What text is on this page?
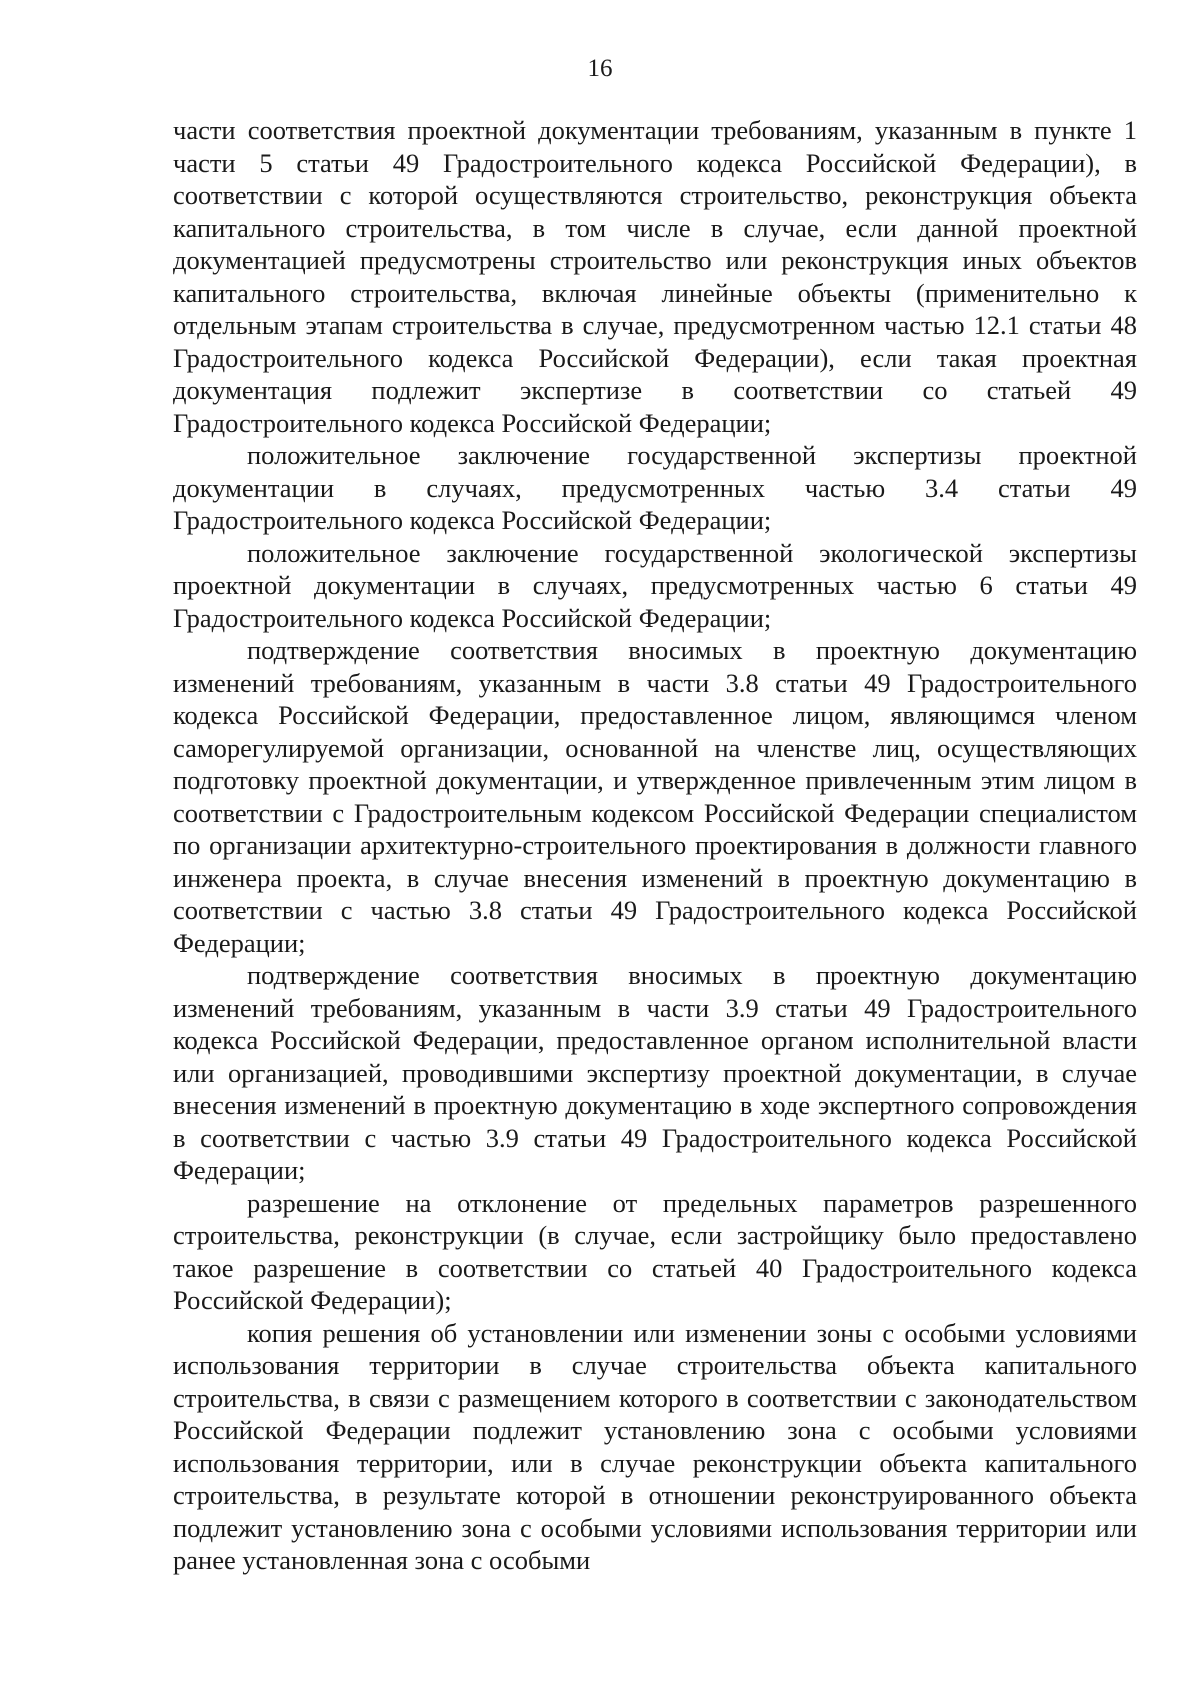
16

части соответствия проектной документации требованиям, указанным в пункте 1 части 5 статьи 49 Градостроительного кодекса Российской Федерации), в соответствии с которой осуществляются строительство, реконструкция объекта капитального строительства, в том числе в случае, если данной проектной документацией предусмотрены строительство или реконструкция иных объектов капитального строительства, включая линейные объекты (применительно к отдельным этапам строительства в случае, предусмотренном частью 12.1 статьи 48 Градостроительного кодекса Российской Федерации), если такая проектная документация подлежит экспертизе в соответствии со статьей 49 Градостроительного кодекса Российской Федерации;

положительное заключение государственной экспертизы проектной документации в случаях, предусмотренных частью 3.4 статьи 49 Градостроительного кодекса Российской Федерации;

положительное заключение государственной экологической экспертизы проектной документации в случаях, предусмотренных частью 6 статьи 49 Градостроительного кодекса Российской Федерации;

подтверждение соответствия вносимых в проектную документацию изменений требованиям, указанным в части 3.8 статьи 49 Градостроительного кодекса Российской Федерации, предоставленное лицом, являющимся членом саморегулируемой организации, основанной на членстве лиц, осуществляющих подготовку проектной документации, и утвержденное привлеченным этим лицом в соответствии с Градостроительным кодексом Российской Федерации специалистом по организации архитектурно-строительного проектирования в должности главного инженера проекта, в случае внесения изменений в проектную документацию в соответствии с частью 3.8 статьи 49 Градостроительного кодекса Российской Федерации;

подтверждение соответствия вносимых в проектную документацию изменений требованиям, указанным в части 3.9 статьи 49 Градостроительного кодекса Российской Федерации, предоставленное органом исполнительной власти или организацией, проводившими экспертизу проектной документации, в случае внесения изменений в проектную документацию в ходе экспертного сопровождения в соответствии с частью 3.9 статьи 49 Градостроительного кодекса Российской Федерации;

разрешение на отклонение от предельных параметров разрешенного строительства, реконструкции (в случае, если застройщику было предоставлено такое разрешение в соответствии со статьей 40 Градостроительного кодекса Российской Федерации);

копия решения об установлении или изменении зоны с особыми условиями использования территории в случае строительства объекта капитального строительства, в связи с размещением которого в соответствии с законодательством Российской Федерации подлежит установлению зона с особыми условиями использования территории, или в случае реконструкции объекта капитального строительства, в результате которой в отношении реконструированного объекта подлежит установлению зона с особыми условиями использования территории или ранее установленная зона с особыми
